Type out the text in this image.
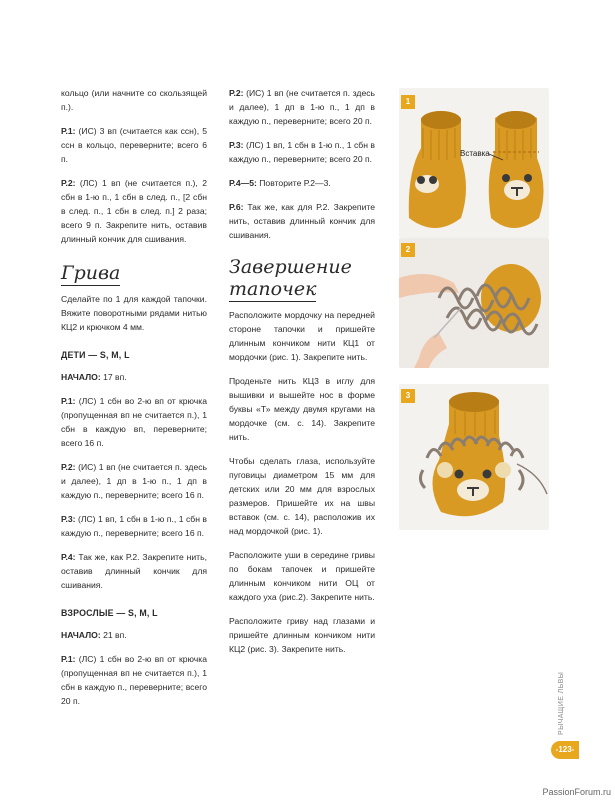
кольцо (или начните со скользящей п.).

Р.1: (ИС) 3 вп (считается как ссн), 5 ссн в кольцо, переверните; всего 6 п.

Р.2: (ЛС) 1 вп (не считается п.), 2 сбн в 1-ю п., 1 сбн в след. п., [2 сбн в след. п., 1 сбн в след. п.] 2 раза; всего 9 п. Закрепите нить, оставив длинный кончик для сшивания.

Грива

Сделайте по 1 для каждой тапочки. Вяжите поворотными рядами нитью КЦ2 и крючком 4 мм.

ДЕТИ — S, M, L

НАЧАЛО: 17 вп.

Р.1: (ЛС) 1 сбн во 2-ю вп от крючка (пропущенная вп не считается п.), 1 сбн в каждую вп, переверните; всего 16 п.

Р.2: (ИС) 1 вп (не считается п. здесь и далее), 1 дп в 1-ю п., 1 дп в каждую п., переверните; всего 16 п.

Р.3: (ЛС) 1 вп, 1 сбн в 1-ю п., 1 сбн в каждую п., переверните; всего 16 п.

Р.4: Так же, как Р.2. Закрепите нить, оставив длинный кончик для сшивания.

ВЗРОСЛЫЕ — S, M, L

НАЧАЛО: 21 вп.

Р.1: (ЛС) 1 сбн во 2-ю вп от крючка (пропущенная вп не считается п.), 1 сбн в каждую п., переверните; всего 20 п.

Р.2: (ИС) 1 вп (не считается п. здесь и далее), 1 дп в 1-ю п., 1 дп в каждую п., переверните; всего 20 п.

Р.3: (ЛС) 1 вп, 1 сбн в 1-ю п., 1 сбн в каждую п., переверните; всего 20 п.

Р.4—5: Повторите Р.2—3.

Р.6: Так же, как для Р.2. Закрепите нить, оставив длинный кончик для сшивания.

Завершение
тапочек

Расположите мордочку на передней стороне тапочки и пришейте длинным кончиком нити КЦ1 от мордочки (рис. 1). Закрепите нить.

Проденьте нить КЦ3 в иглу для вышивки и вышейте нос в форме буквы «Т» между двумя кругами на мордочке (см. с. 14). Закрепите нить.

Чтобы сделать глаза, используйте пуговицы диаметром 15 мм для детских или 20 мм для взрослых размеров. Пришейте их на швы вставок (см. с. 14), расположив их над мордочкой (рис. 1).

Расположите уши в середине гривы по бокам тапочек и пришейте длинным кончиком нити ОЦ от каждого уха (рис.2). Закрепите нить.

Расположите гриву над глазами и пришейте длинным кончиком нити КЦ2 (рис. 3). Закрепите нить.

1
Вставка
2
3
РЫЧАЩИЕ ЛЬВЫ
-123-
PassionForum.ru
